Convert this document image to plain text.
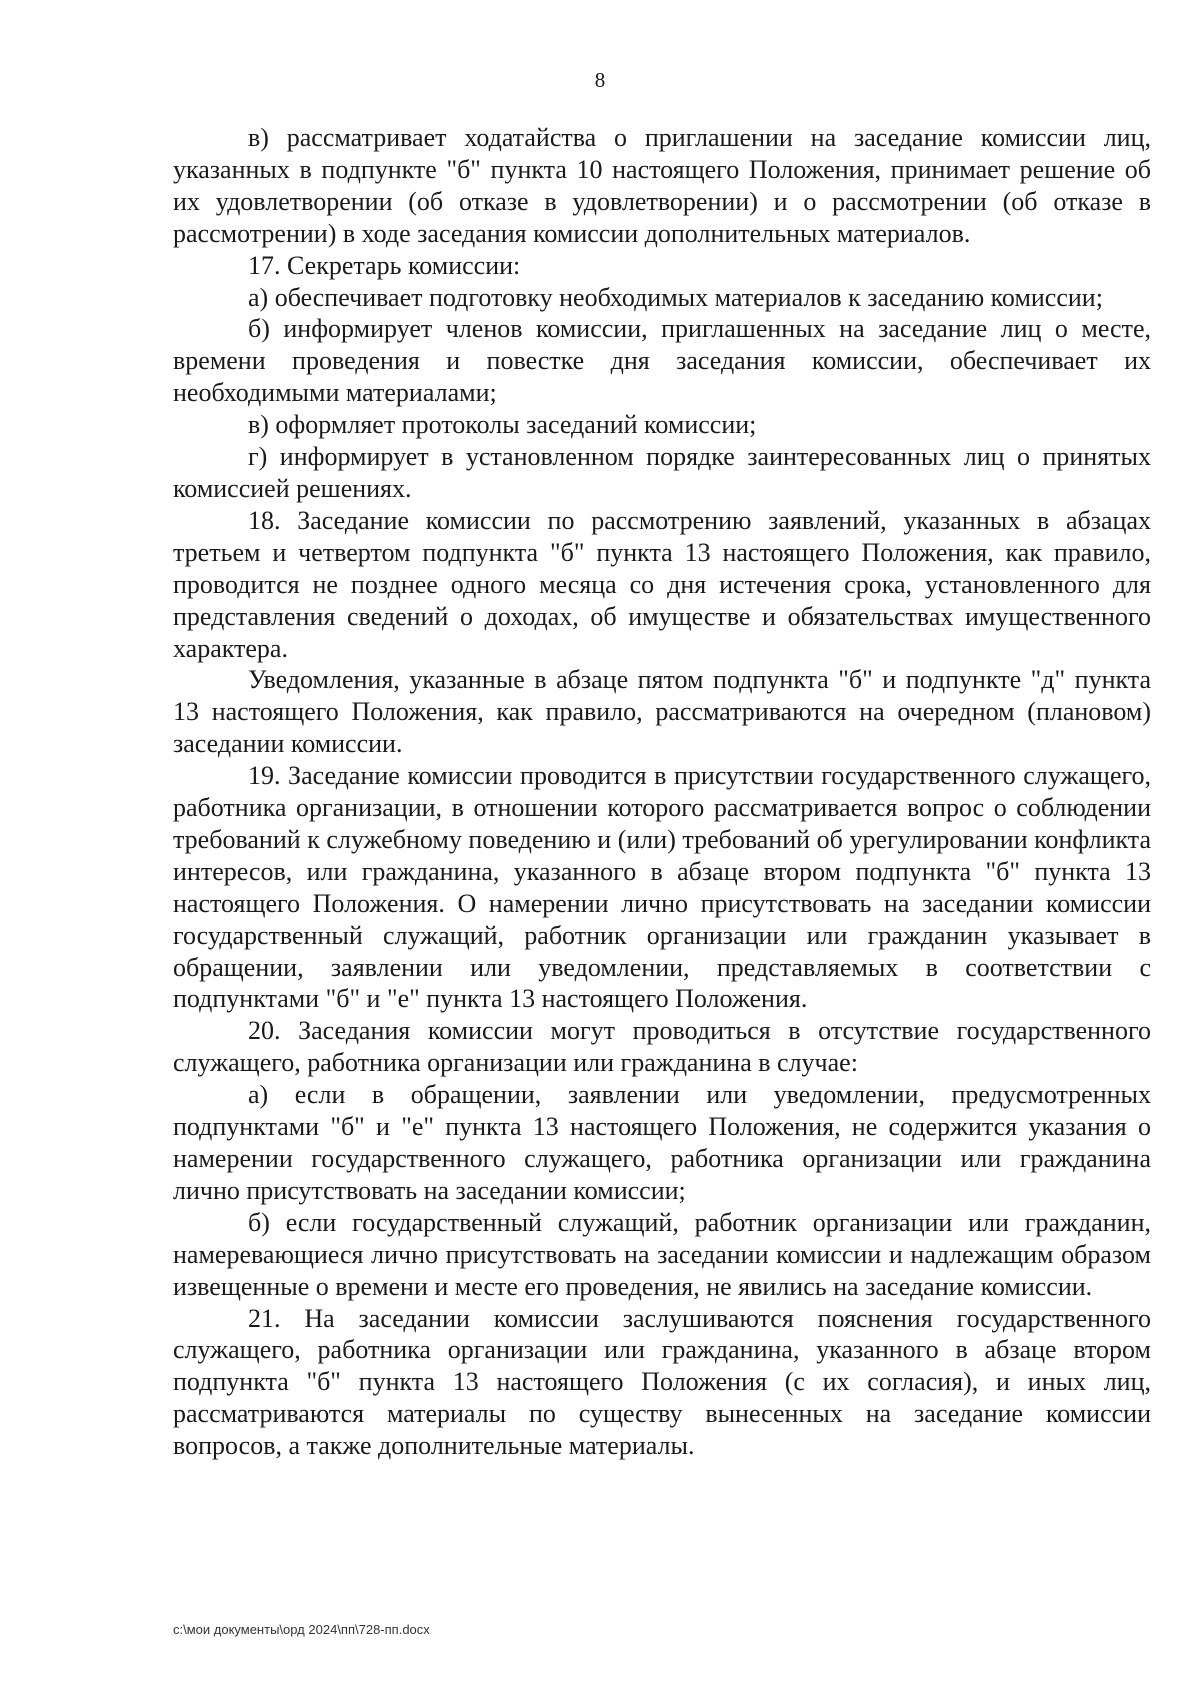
8

в) рассматривает ходатайства о приглашении на заседание комиссии лиц, указанных в подпункте "б" пункта 10 настоящего Положения, принимает решение об их удовлетворении (об отказе в удовлетворении) и о рассмотрении (об отказе в рассмотрении) в ходе заседания комиссии дополнительных материалов.

17. Секретарь комиссии:

а) обеспечивает подготовку необходимых материалов к заседанию комиссии;

б) информирует членов комиссии, приглашенных на заседание лиц о месте, времени проведения и повестке дня заседания комиссии, обеспечивает их необходимыми материалами;

в) оформляет протоколы заседаний комиссии;

г) информирует в установленном порядке заинтересованных лиц о принятых комиссией решениях.

18. Заседание комиссии по рассмотрению заявлений, указанных в абзацах третьем и четвертом подпункта "б" пункта 13 настоящего Положения, как правило, проводится не позднее одного месяца со дня истечения срока, установленного для представления сведений о доходах, об имуществе и обязательствах имущественного характера.

Уведомления, указанные в абзаце пятом подпункта "б" и подпункте "д" пункта 13 настоящего Положения, как правило, рассматриваются на очередном (плановом) заседании комиссии.

19. Заседание комиссии проводится в присутствии государственного служащего, работника организации, в отношении которого рассматривается вопрос о соблюдении требований к служебному поведению и (или) требований об урегулировании конфликта интересов, или гражданина, указанного в абзаце втором подпункта "б" пункта 13 настоящего Положения. О намерении лично присутствовать на заседании комиссии государственный служащий, работник организации или гражданин указывает в обращении, заявлении или уведомлении, представляемых в соответствии с подпунктами "б" и "е" пункта 13 настоящего Положения.

20. Заседания комиссии могут проводиться в отсутствие государственного служащего, работника организации или гражданина в случае:

а) если в обращении, заявлении или уведомлении, предусмотренных подпунктами "б" и "е" пункта 13 настоящего Положения, не содержится указания о намерении государственного служащего, работника организации или гражданина лично присутствовать на заседании комиссии;

б) если государственный служащий, работник организации или гражданин, намеревающиеся лично присутствовать на заседании комиссии и надлежащим образом извещенные о времени и месте его проведения, не явились на заседание комиссии.

21. На заседании комиссии заслушиваются пояснения государственного служащего, работника организации или гражданина, указанного в абзаце втором подпункта "б" пункта 13 настоящего Положения (с их согласия), и иных лиц, рассматриваются материалы по существу вынесенных на заседание комиссии вопросов, а также дополнительные материалы.

c:\мои документы\орд 2024\пп\728-пп.docx
